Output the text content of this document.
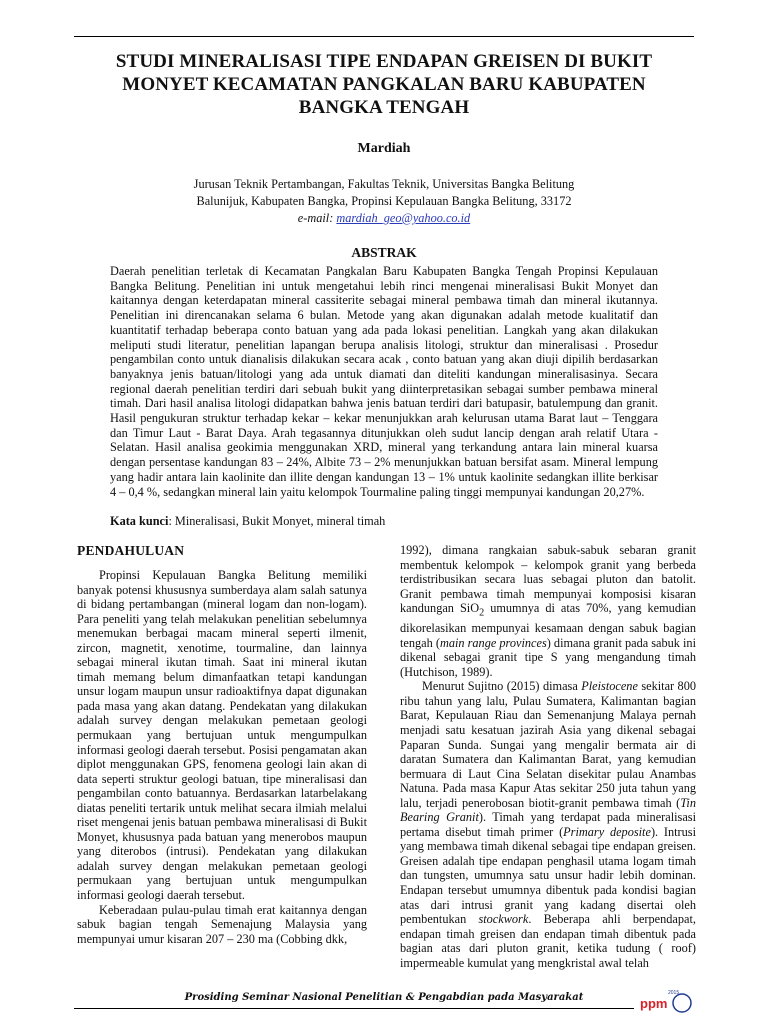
STUDI MINERALISASI TIPE ENDAPAN GREISEN DI BUKIT
MONYET KECAMATAN PANGKALAN BARU KABUPATEN
BANGKA TENGAH
Mardiah
Jurusan Teknik Pertambangan, Fakultas Teknik, Universitas Bangka Belitung
Balunijuk, Kabupaten Bangka, Propinsi Kepulauan Bangka Belitung, 33172
e-mail: mardiah_geo@yahoo.co.id
ABSTRAK
Daerah penelitian terletak di Kecamatan Pangkalan Baru Kabupaten Bangka Tengah Propinsi Kepulauan Bangka Belitung. Penelitian ini untuk mengetahui lebih rinci mengenai mineralisasi Bukit Monyet dan kaitannya dengan keterdapatan mineral cassiterite sebagai mineral pembawa timah dan mineral ikutannya. Penelitian ini direncanakan selama 6 bulan. Metode yang akan digunakan adalah metode kualitatif dan kuantitatif terhadap beberapa conto batuan yang ada pada lokasi penelitian. Langkah yang akan dilakukan meliputi studi literatur, penelitian lapangan berupa analisis litologi, struktur dan mineralisasi . Prosedur pengambilan conto untuk dianalisis dilakukan secara acak , conto batuan yang akan diuji dipilih berdasarkan banyaknya jenis batuan/litologi yang ada untuk diamati dan diteliti kandungan mineralisasinya. Secara regional daerah penelitian terdiri dari sebuah bukit yang diinterpretasikan sebagai sumber pembawa mineral timah. Dari hasil analisa litologi didapatkan bahwa jenis batuan terdiri dari batupasir, batulempung dan granit. Hasil pengukuran struktur terhadap kekar – kekar menunjukkan arah kelurusan utama Barat laut – Tenggara dan Timur Laut - Barat Daya. Arah tegasannya ditunjukkan oleh sudut lancip dengan arah relatif Utara - Selatan. Hasil analisa geokimia menggunakan XRD, mineral yang terkandung antara lain mineral kuarsa dengan persentase kandungan 83 – 24%, Albite 73 – 2% menunjukkan batuan bersifat asam. Mineral lempung yang hadir antara lain kaolinite dan illite dengan kandungan 13 – 1% untuk kaolinite sedangkan illite berkisar 4 – 0,4 %, sedangkan mineral lain yaitu kelompok Tourmaline paling tinggi mempunyai kandungan 20,27%.
Kata kunci: Mineralisasi, Bukit Monyet, mineral timah
PENDAHULUAN

Propinsi Kepulauan Bangka Belitung memiliki banyak potensi khususnya sumberdaya alam salah satunya di bidang pertambangan (mineral logam dan non-logam). Para peneliti yang telah melakukan penelitian sebelumnya menemukan berbagai macam mineral seperti ilmenit, zircon, magnetit, xenotime, tourmaline, dan lainnya sebagai mineral ikutan timah. Saat ini mineral ikutan timah memang belum dimanfaatkan tetapi kandungan unsur logam maupun unsur radioaktifnya dapat digunakan pada masa yang akan datang. Pendekatan yang dilakukan adalah survey dengan melakukan pemetaan geologi permukaan yang bertujuan untuk mengumpulkan informasi geologi daerah tersebut. Posisi pengamatan akan diplot menggunakan GPS, fenomena geologi lain akan di data seperti struktur geologi batuan, tipe mineralisasi dan pengambilan conto batuannya. Berdasarkan latarbelakang diatas peneliti tertarik untuk melihat secara ilmiah melalui riset mengenai jenis batuan pembawa mineralisasi di Bukit Monyet, khususnya pada batuan yang menerobos maupun yang diterobos (intrusi). Pendekatan yang dilakukan adalah survey dengan melakukan pemetaan geologi permukaan yang bertujuan untuk mengumpulkan informasi geologi daerah tersebut.

Keberadaan pulau-pulau timah erat kaitannya dengan sabuk bagian tengah Semenajung Malaysia yang mempunyai umur kisaran 207 – 230 ma (Cobbing dkk,

1992), dimana rangkaian sabuk-sabuk sebaran granit membentuk kelompok – kelompok granit yang berbeda terdistribusikan secara luas sebagai pluton dan batolit. Granit pembawa timah mempunyai komposisi kisaran kandungan SiO$_2$ umumnya di atas 70%, yang kemudian dikorelasikan mempunyai kesamaan dengan sabuk bagian tengah (main range provinces) dimana granit pada sabuk ini dikenal sebagai granit tipe S yang mengandung timah (Hutchison, 1989).

Menurut Sujitno (2015) dimasa Pleistocene sekitar 800 ribu tahun yang lalu, Pulau Sumatera, Kalimantan bagian Barat, Kepulauan Riau dan Semenanjung Malaya pernah menjadi satu kesatuan jazirah Asia yang dikenal sebagai Paparan Sunda. Sungai yang mengalir bermata air di daratan Sumatera dan Kalimantan Barat, yang kemudian bermuara di Laut Cina Selatan disekitar pulau Anambas Natuna. Pada masa Kapur Atas sekitar 250 juta tahun yang lalu, terjadi penerobosan biotit-granit pembawa timah (Tin Bearing Granit). Timah yang terdapat pada mineralisasi pertama disebut timah primer (Primary deposite). Intrusi yang membawa timah dikenal sebagai tipe endapan greisen. Greisen adalah tipe endapan penghasil utama logam timah dan tungsten, umumnya satu unsur hadir lebih dominan. Endapan tersebut umumnya dibentuk pada kondisi bagian atas dari intrusi granit yang kadang disertai oleh pembentukan stockwork. Beberapa ahli berpendapat, endapan timah greisen dan endapan timah dibentuk pada bagian atas dari pluton granit, ketika tudung ( roof) impermeable kumulat yang mengkristal awal telah

Prosiding Seminar Nasional Penelitian & Pengabdian pada Masyarakat	ppm
2015
